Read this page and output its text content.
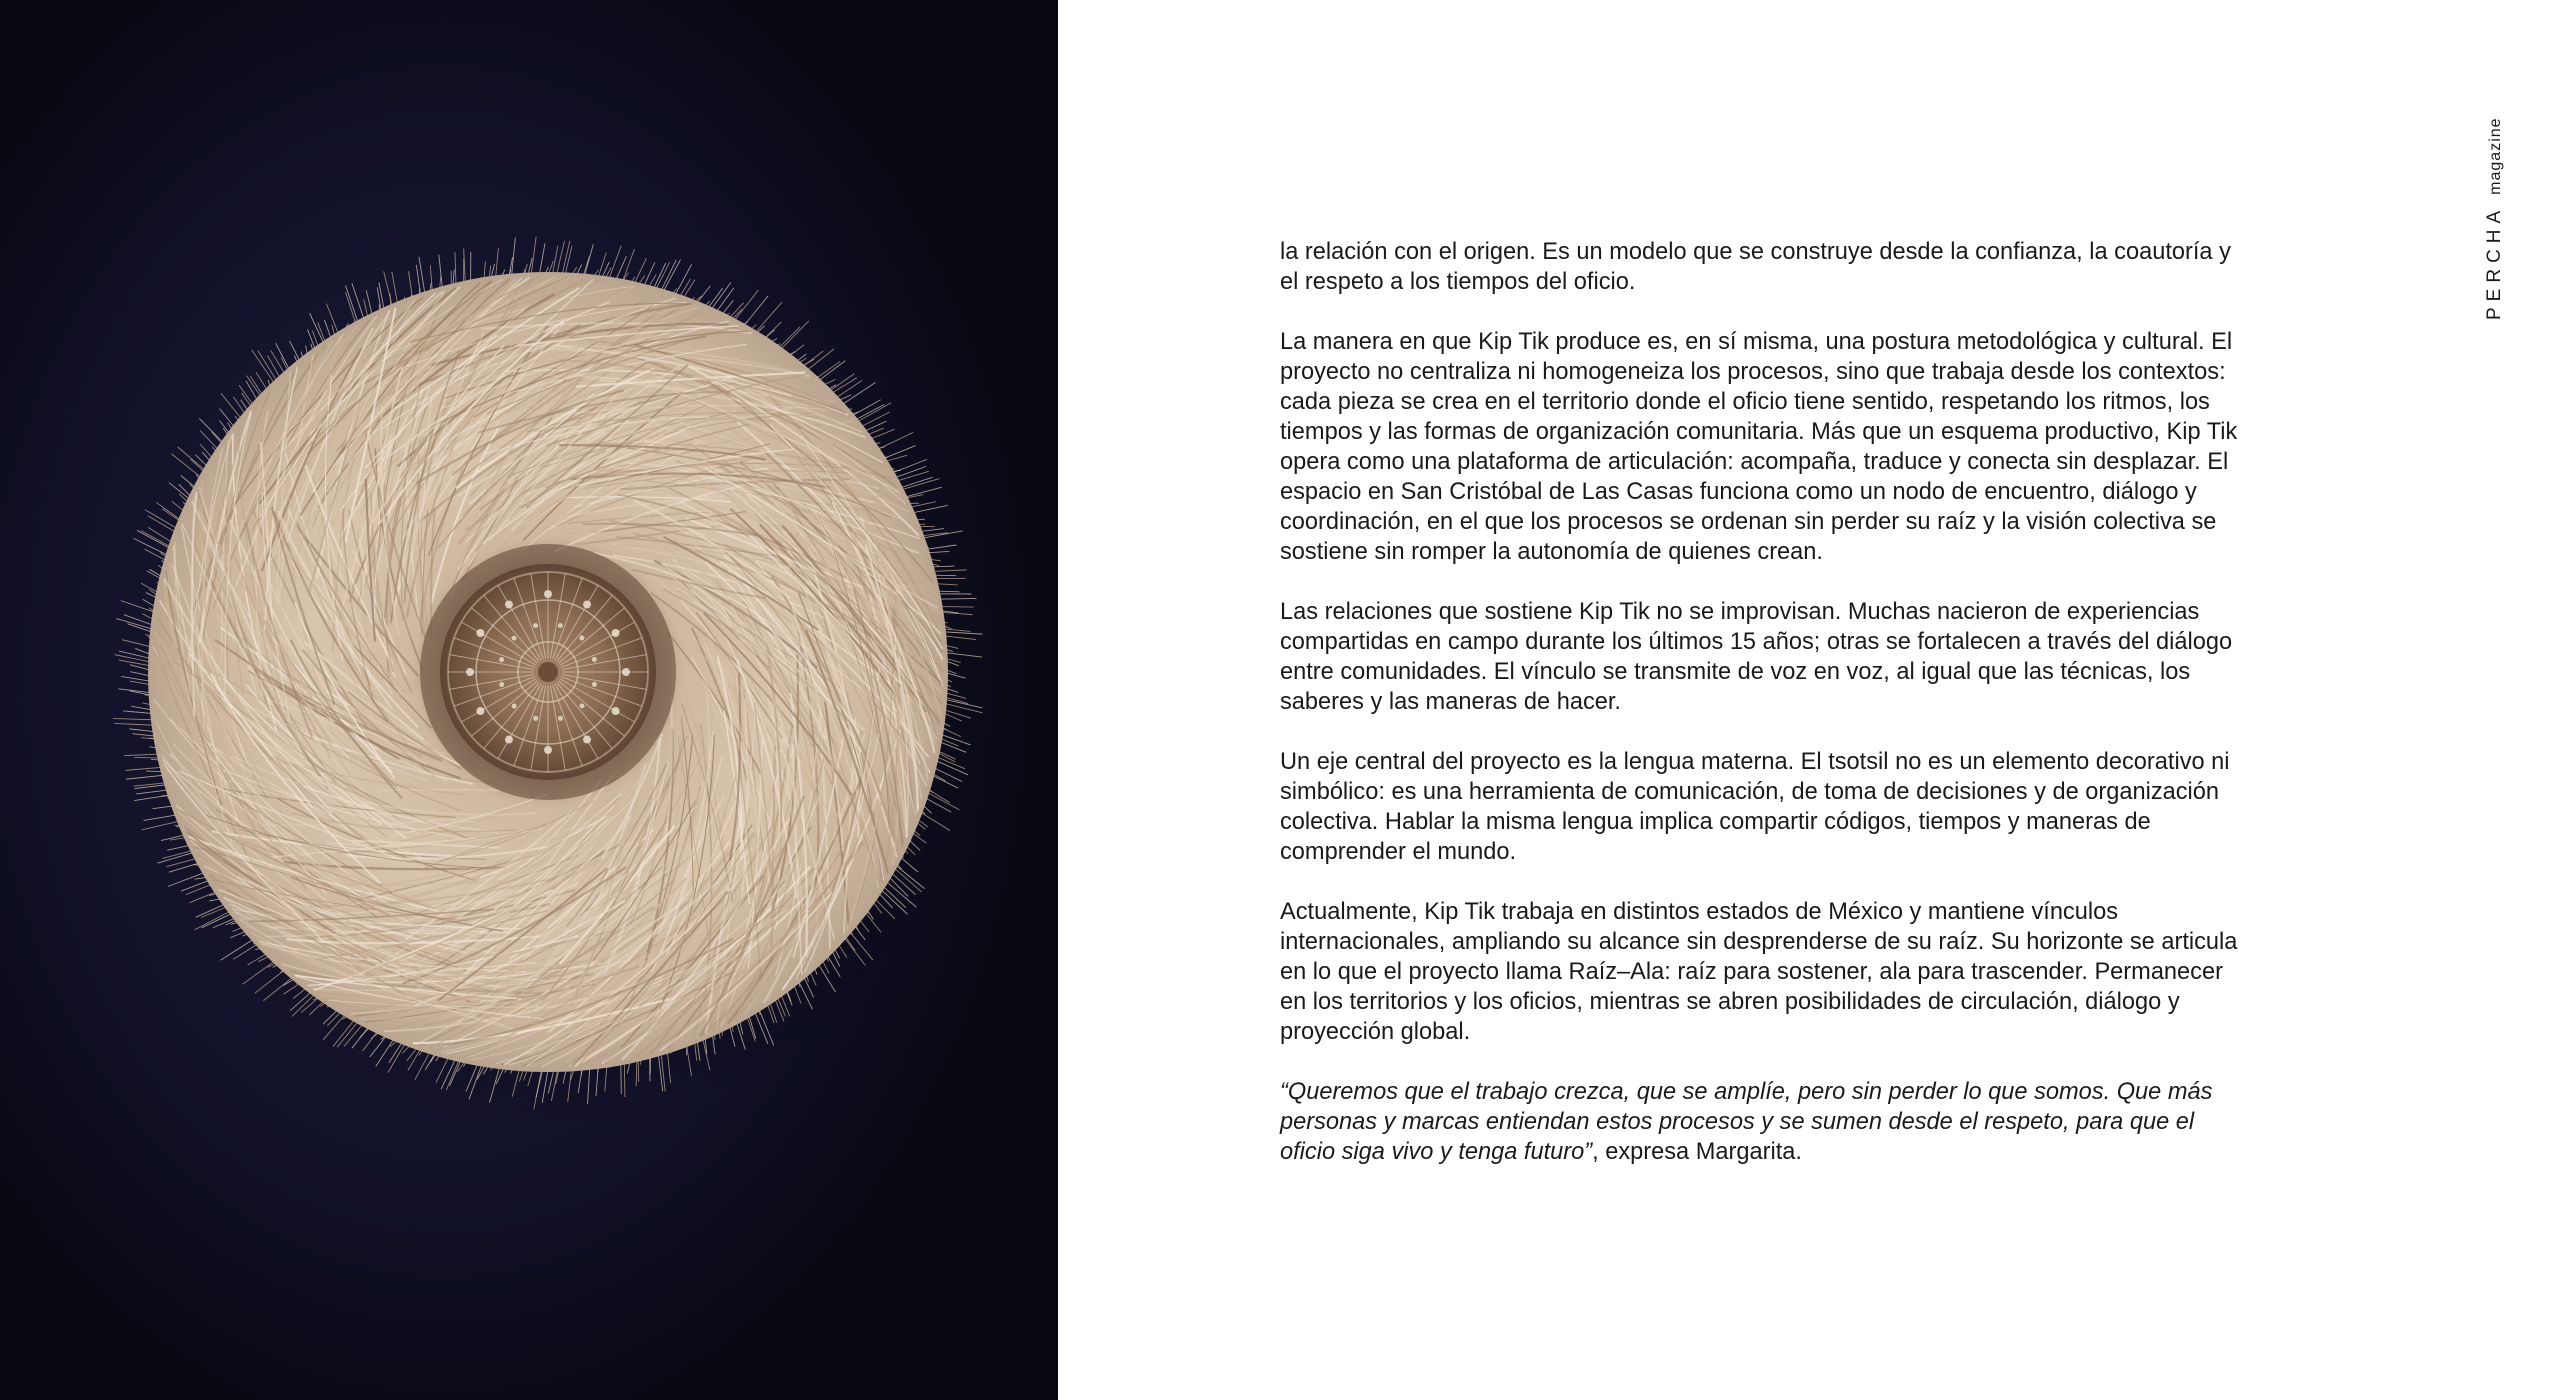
PERCHAmagazine

la relación con el origen. Es un modelo que se construye desde la confianza, la coautoría y el respeto a los tiempos del oficio.

La manera en que Kip Tik produce es, en sí misma, una postura metodológica y cultural. El proyecto no centraliza ni homogeneiza los procesos, sino que trabaja desde los contextos: cada pieza se crea en el territorio donde el oficio tiene sentido, respetando los ritmos, los tiempos y las formas de organización comunitaria. Más que un esquema productivo, Kip Tik opera como una plataforma de articulación: acompaña, traduce y conecta sin desplazar. El espacio en San Cristóbal de Las Casas funciona como un nodo de encuentro, diálogo y coordinación, en el que los procesos se ordenan sin perder su raíz y la visión colectiva se sostiene sin romper la autonomía de quienes crean.

Las relaciones que sostiene Kip Tik no se improvisan. Muchas nacieron de experiencias compartidas en campo durante los últimos 15 años; otras se fortalecen a través del diálogo entre comunidades. El vínculo se transmite de voz en voz, al igual que las técnicas, los saberes y las maneras de hacer.

Un eje central del proyecto es la lengua materna. El tsotsil no es un elemento decorativo ni simbólico: es una herramienta de comunicación, de toma de decisiones y de organización colectiva. Hablar la misma lengua implica compartir códigos, tiempos y maneras de comprender el mundo.

Actualmente, Kip Tik trabaja en distintos estados de México y mantiene vínculos internacionales, ampliando su alcance sin desprenderse de su raíz. Su horizonte se articula en lo que el proyecto llama Raíz–Ala: raíz para sostener, ala para trascender. Permanecer en los territorios y los oficios, mientras se abren posibilidades de circulación, diálogo y proyección global.

“Queremos que el trabajo crezca, que se amplíe, pero sin perder lo que somos. Que más personas y marcas entiendan estos procesos y se sumen desde el respeto, para que el oficio siga vivo y tenga futuro”, expresa Margarita.
